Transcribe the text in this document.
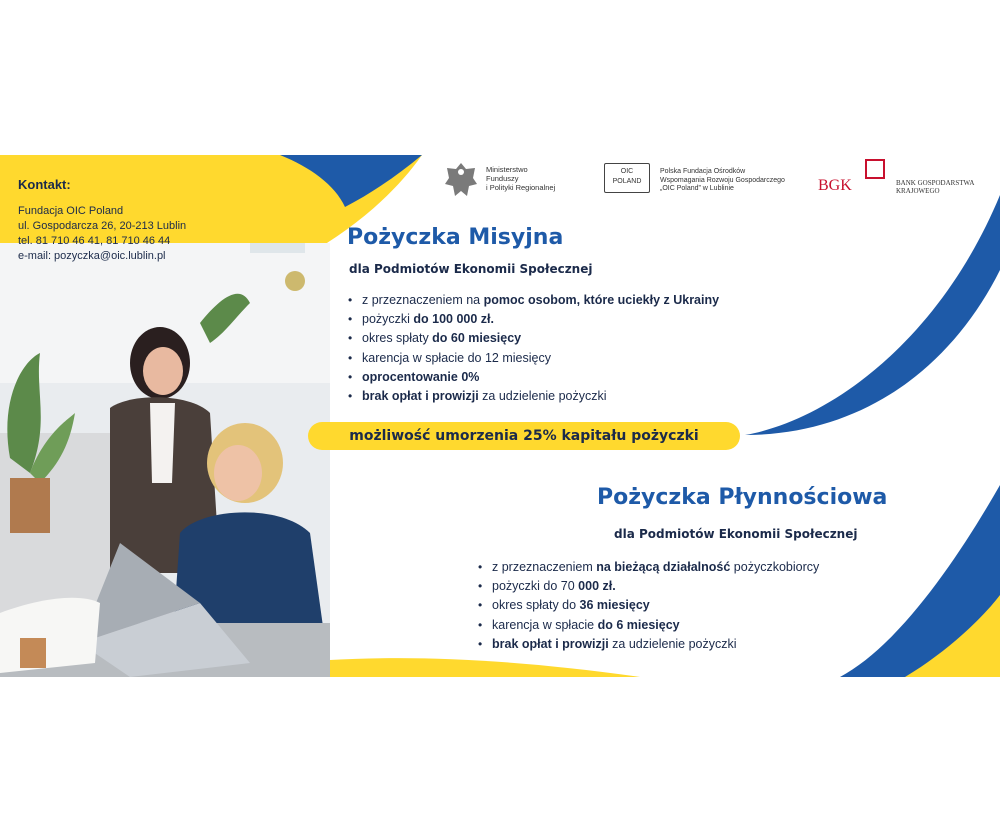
Kontakt:
Fundacja OIC Poland
ul. Gospodarcza 26, 20-213 Lublin
tel. 81 710 46 41, 81 710 46 44
e-mail: pozyczka@oic.lublin.pl
Ministerstwo
Funduszy
i Polityki Regionalnej
OIC
POLAND
Polska Fundacja Ośrodków
Wspomagania Rozwoju Gospodarczego
„OIC Poland” w Lublinie	BGK	BANK GOSPODARSTWA
KRAJOWEGO
Pożyczka Misyjna
dla Podmiotów Ekonomii Społecznej
• z przeznaczeniem na pomoc osobom, które uciekły z Ukrainy
• pożyczki do 100 000 zł.
• okres spłaty do 60 miesięcy
• karencja w spłacie do 12 miesięcy
• oprocentowanie 0%
• brak opłat i prowizji za udzielenie pożyczki
możliwość umorzenia 25% kapitału pożyczki
Pożyczka Płynnościowa
dla Podmiotów Ekonomii Społecznej
• z przeznaczeniem na bieżącą działalność pożyczkobiorcy
• pożyczki do 70 000 zł.
• okres spłaty do 36 miesięcy
• karencja w spłacie do 6 miesięcy
• brak opłat i prowizji za udzielenie pożyczki
